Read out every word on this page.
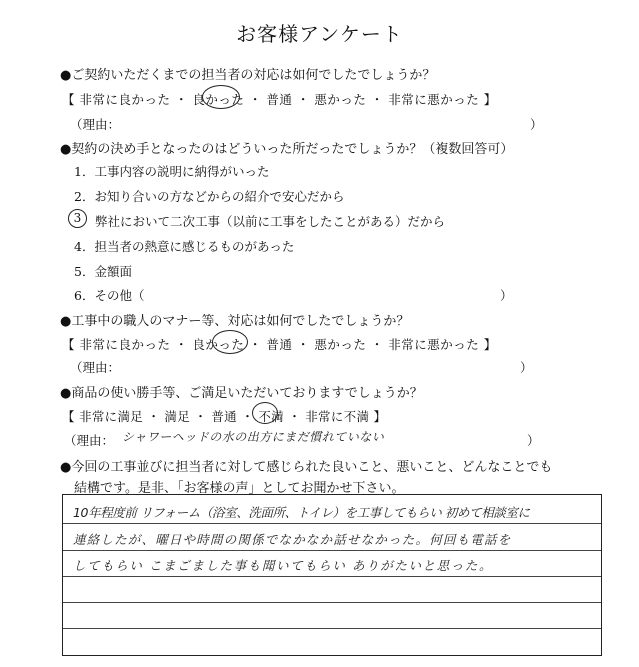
お客様アンケート
●ご契約いただくまでの担当者の対応は如何でしたでしょうか？
【 非常に良かった ・ 良かった ・ 普通 ・ 悪かった ・ 非常に悪かった 】
（理由：	）
●契約の決め手となったのはどういった所だったでしょうか？（複数回答可）
1．工事内容の説明に納得がいった
2．お知り合いの方などからの紹介で安心だから
3	弊社において二次工事（以前に工事をしたことがある）だから
4．担当者の熱意に感じるものがあった
5．金額面
6．その他（	）
●工事中の職人のマナー等、対応は如何でしたでしょうか？
【 非常に良かった ・ 良かった ・ 普通 ・ 悪かった ・ 非常に悪かった 】
（理由：	）
●商品の使い勝手等、ご満足いただいておりますでしょうか？
【 非常に満足 ・ 満足 ・ 普通 ・ 不満 ・ 非常に不満 】
（理由： シャワーヘッドの水の出方にまだ慣れていない	）
●今回の工事並びに担当者に対して感じられた良いこと、悪いこと、どんなことでも
結構です。是非、「お客様の声」としてお聞かせ下さい。
10年程度前 リフォーム（浴室、洗面所、トイレ）を工事してもらい 初めて相談室に
連絡したが、曜日や時間の関係でなかなか話せなかった。何回も電話を
してもらい こまごました事も聞いてもらい ありがたいと思った。
